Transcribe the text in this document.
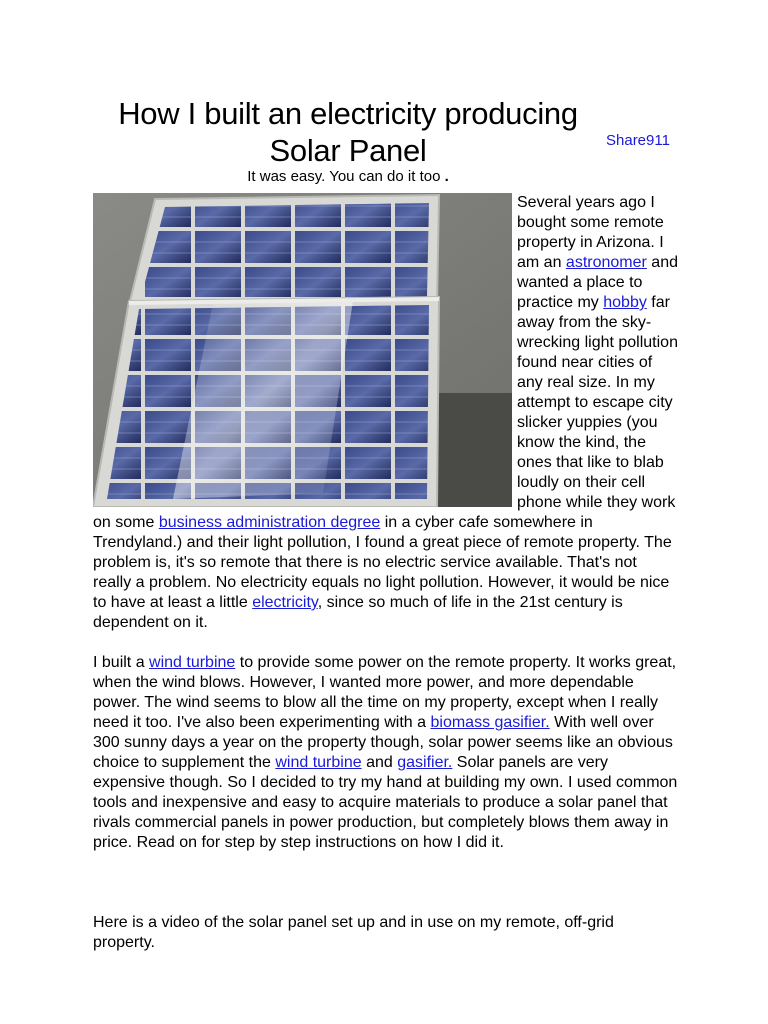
How I built an electricity producing Solar Panel	Share911
It was easy. You can do it too .

Several years ago I bought some remote property in Arizona. I am an astronomer and wanted a place to practice my hobby far away from the sky-wrecking light pollution found near cities of any real size. In my attempt to escape city slicker yuppies (you know the kind, the ones that like to blab loudly on their cell phone while they work on some business administration degree in a cyber cafe somewhere in Trendyland.) and their light pollution, I found a great piece of remote property. The problem is, it's so remote that there is no electric service available. That's not really a problem. No electricity equals no light pollution. However, it would be nice to have at least a little electricity, since so much of life in the 21st century is dependent on it.

I built a wind turbine to provide some power on the remote property. It works great, when the wind blows. However, I wanted more power, and more dependable power. The wind seems to blow all the time on my property, except when I really need it too. I've also been experimenting with a biomass gasifier. With well over 300 sunny days a year on the property though, solar power seems like an obvious choice to supplement the wind turbine and gasifier. Solar panels are very expensive though. So I decided to try my hand at building my own. I used common tools and inexpensive and easy to acquire materials to produce a solar panel that rivals commercial panels in power production, but completely blows them away in price. Read on for step by step instructions on how I did it.

Here is a video of the solar panel set up and in use on my remote, off-grid property.
